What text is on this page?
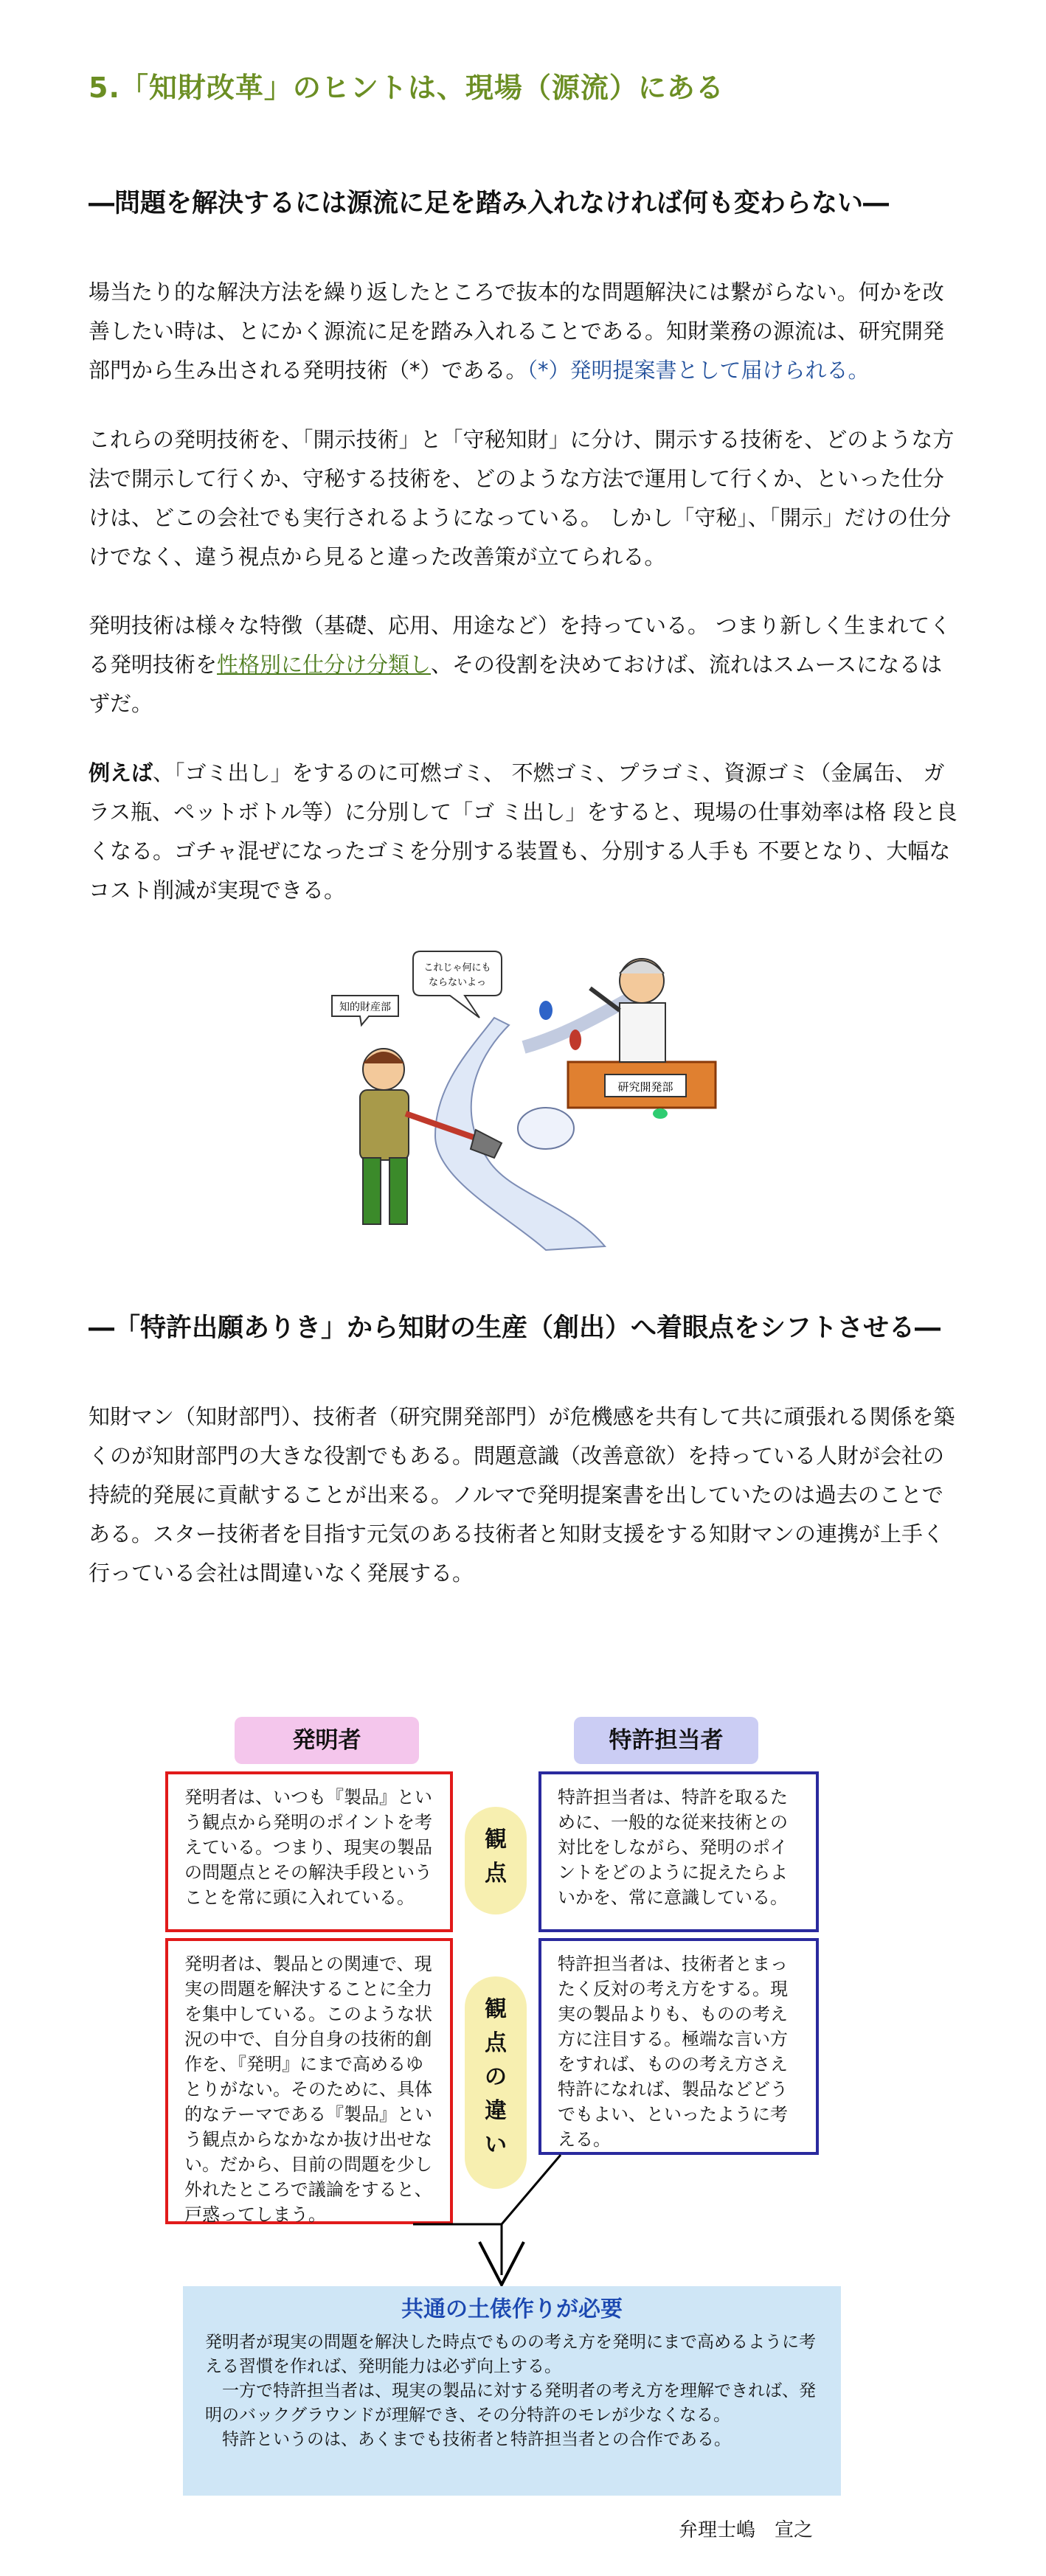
5.「知財改革」のヒントは、現場（源流）にある
―問題を解決するには源流に足を踏み入れなければ何も変わらない―

場当たり的な解決方法を繰り返したところで抜本的な問題解決には繋がらない。何かを改善したい時は、とにかく源流に足を踏み入れることである。知財業務の源流は、研究開発部門から生み出される発明技術（*）である。（*）発明提案書として届けられる。

これらの発明技術を、「開示技術」と「守秘知財」に分け、開示する技術を、どのような方法で開示して行くか、守秘する技術を、どのような方法で運用して行くか、といった仕分けは、どこの会社でも実行されるようになっている。 しかし「守秘」、「開示」だけの仕分けでなく、違う視点から見ると違った改善策が立てられる。

発明技術は様々な特徴（基礎、応用、用途など）を持っている。 つまり新しく生まれてくる発明技術を性格別に仕分け分類し、その役割を決めておけば、流れはスムースになるはずだ。

例えば、「ゴミ出し」をするのに可燃ゴミ、 不燃ゴミ、プラゴミ、資源ゴミ（金属缶、 ガラス瓶、ペットボトル等）に分別して「ゴ ミ出し」をすると、現場の仕事効率は格 段と良くなる。ゴチャ混ぜになったゴミを分別する装置も、分別する人手も 不要となり、大幅なコスト削減が実現できる。

研究開発部
これじゃ何にも
ならないよっ
知的財産部
―「特許出願ありき」から知財の生産（創出）へ着眼点をシフトさせる―

知財マン（知財部門）、技術者（研究開発部門）が危機感を共有して共に頑張れる関係を築くのが知財部門の大きな役割でもある。問題意識（改善意欲）を持っている人財が会社の持続的発展に貢献することが出来る。ノルマで発明提案書を出していたのは過去のことである。スター技術者を目指す元気のある技術者と知財支援をする知財マンの連携が上手く行っている会社は間違いなく発展する。

発明者	特許担当者
発明者は、いつも『製品』という観点から発明のポイントを考えている。つまり、現実の製品の問題点とその解決手段ということを常に頭に入れている。
特許担当者は、特許を取るために、一般的な従来技術との対比をしながら、発明のポイントをどのように捉えたらよいかを、常に意識している。
観
点
発明者は、製品との関連で、現実の問題を解決することに全力を集中している。このような状況の中で、自分自身の技術的創作を、『発明』にまで高めるゆとりがない。そのために、具体的なテーマである『製品』という観点からなかなか抜け出せない。だから、目前の問題を少し外れたところで議論をすると、戸惑ってしまう。
特許担当者は、技術者とまったく反対の考え方をする。現実の製品よりも、ものの考え方に注目する。極端な言い方をすれば、ものの考え方さえ特許になれば、製品などどうでもよい、といったように考える。
観
点
の
違
い
共通の土俵作りが必要

発明者が現実の問題を解決した時点でものの考え方を発明にまで高めるように考える習慣を作れば、発明能力は必ず向上する。

　一方で特許担当者は、現実の製品に対する発明者の考え方を理解できれば、発明のバックグラウンドが理解でき、その分特許のモレが少なくなる。

　特許というのは、あくまでも技術者と特許担当者との合作である。

弁理士嶋　宣之
